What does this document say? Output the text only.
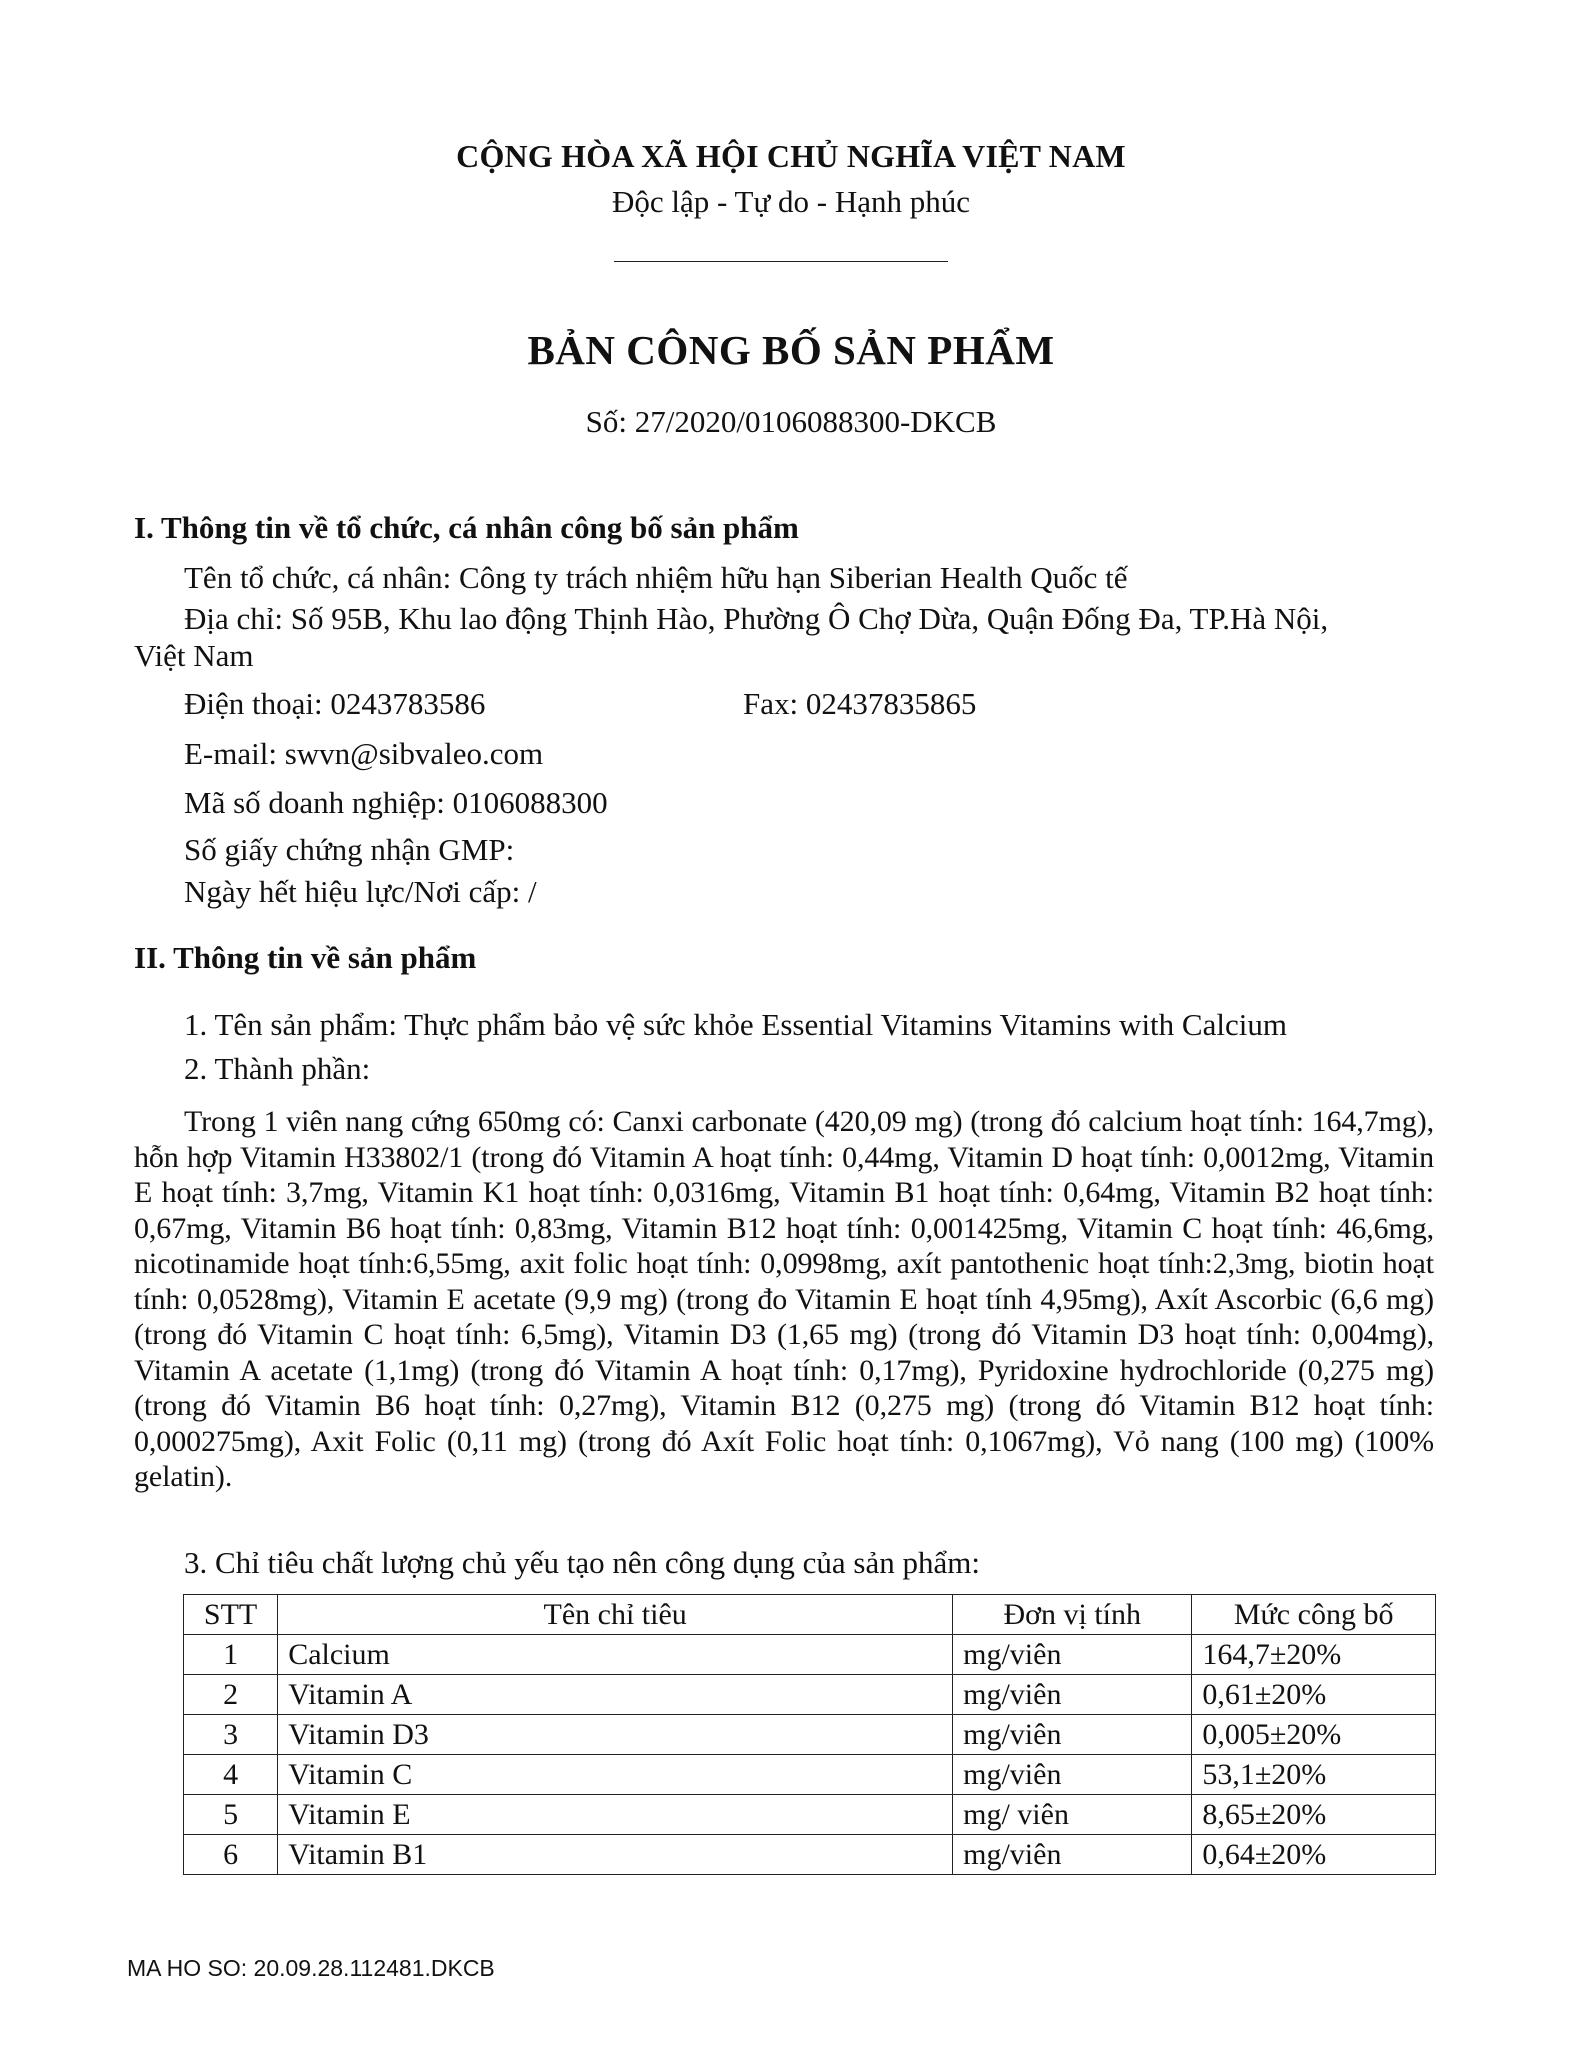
CỘNG HÒA XÃ HỘI CHỦ NGHĨA VIỆT NAM
Độc lập - Tự do - Hạnh phúc
BẢN CÔNG BỐ SẢN PHẨM
Số: 27/2020/0106088300-DKCB
I. Thông tin về tổ chức, cá nhân công bố sản phẩm
Tên tổ chức, cá nhân: Công ty trách nhiệm hữu hạn Siberian Health Quốc tế
Địa chỉ: Số 95B, Khu lao động Thịnh Hào, Phường Ô Chợ Dừa, Quận Đống Đa, TP.Hà Nội,
Việt Nam
Điện thoại: 0243783586	Fax: 02437835865
E-mail: swvn@sibvaleo.com
Mã số doanh nghiệp: 0106088300
Số giấy chứng nhận GMP:
Ngày hết hiệu lực/Nơi cấp: /
II. Thông tin về sản phẩm
1. Tên sản phẩm: Thực phẩm bảo vệ sức khỏe Essential Vitamins Vitamins with Calcium
2. Thành phần:
Trong 1 viên nang cứng 650mg có: Canxi carbonate (420,09 mg) (trong đó calcium hoạt tính: 164,7mg), hỗn hợp Vitamin H33802/1 (trong đó Vitamin A hoạt tính: 0,44mg, Vitamin D hoạt tính: 0,0012mg, Vitamin E hoạt tính: 3,7mg, Vitamin K1 hoạt tính: 0,0316mg, Vitamin B1 hoạt tính: 0,64mg, Vitamin B2 hoạt tính: 0,67mg, Vitamin B6 hoạt tính: 0,83mg, Vitamin B12 hoạt tính: 0,001425mg, Vitamin C hoạt tính: 46,6mg, nicotinamide hoạt tính:6,55mg, axit folic hoạt tính: 0,0998mg, axít pantothenic hoạt tính:2,3mg, biotin hoạt tính: 0,0528mg), Vitamin E acetate (9,9 mg) (trong đo Vitamin E hoạt tính 4,95mg), Axít Ascorbic (6,6 mg) (trong đó Vitamin C hoạt tính: 6,5mg), Vitamin D3 (1,65 mg) (trong đó Vitamin D3 hoạt tính: 0,004mg), Vitamin A acetate (1,1mg) (trong đó Vitamin A hoạt tính: 0,17mg), Pyridoxine hydrochloride (0,275 mg) (trong đó Vitamin B6 hoạt tính: 0,27mg), Vitamin B12 (0,275 mg) (trong đó Vitamin B12 hoạt tính: 0,000275mg), Axit Folic (0,11 mg) (trong đó Axít Folic hoạt tính: 0,1067mg), Vỏ nang (100 mg) (100% gelatin).
3. Chỉ tiêu chất lượng chủ yếu tạo nên công dụng của sản phẩm:
STT	Tên chỉ tiêu	Đơn vị tính	Mức công bố
1	Calcium	mg/viên	164,7±20%
2	Vitamin A	mg/viên	0,61±20%
3	Vitamin D3	mg/viên	0,005±20%
4	Vitamin C	mg/viên	53,1±20%
5	Vitamin E	mg/ viên	8,65±20%
6	Vitamin B1	mg/viên	0,64±20%
MA HO SO: 20.09.28.112481.DKCB
